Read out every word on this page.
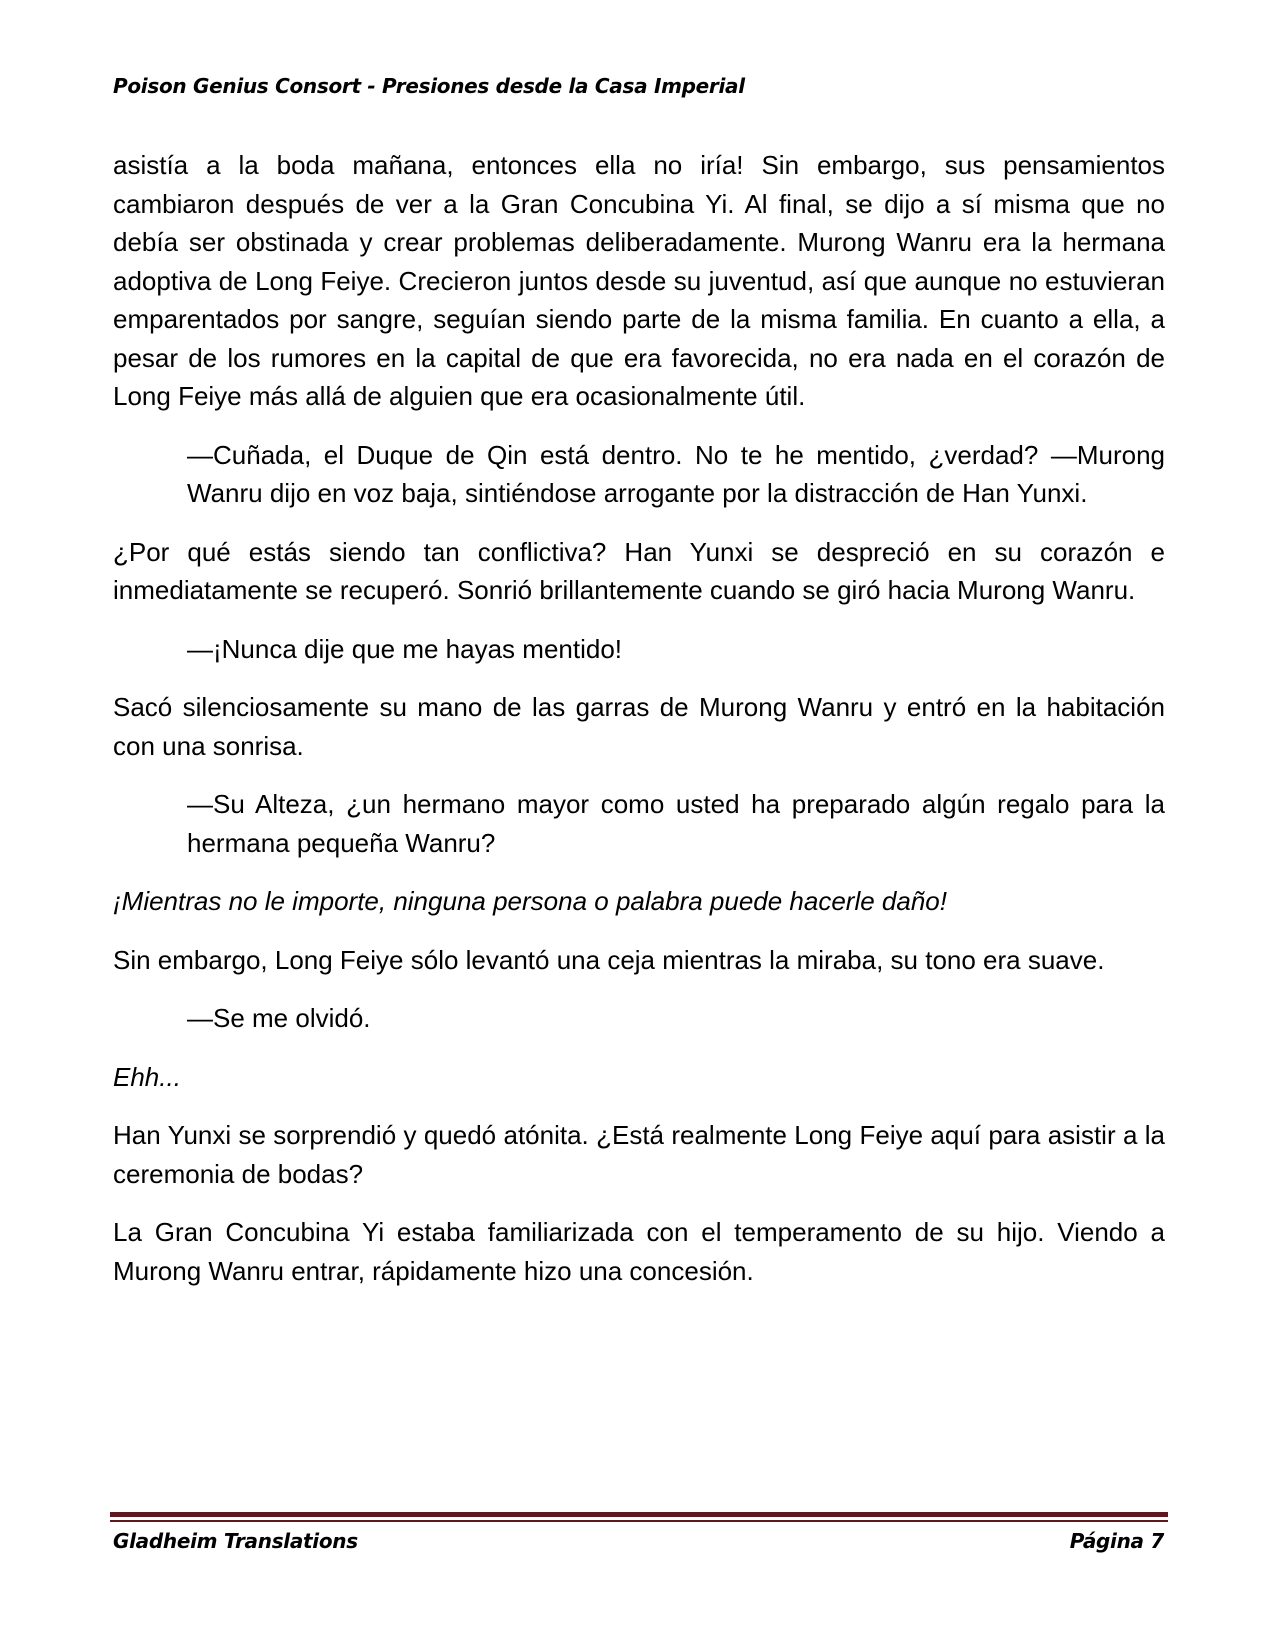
Poison Genius Consort - Presiones desde la Casa Imperial

asistía a la boda mañana, entonces ella no iría! Sin embargo, sus pensamientos cambiaron después de ver a la Gran Concubina Yi. Al final, se dijo a sí misma que no debía ser obstinada y crear problemas deliberadamente. Murong Wanru era la hermana adoptiva de Long Feiye. Crecieron juntos desde su juventud, así que aunque no estuvieran emparentados por sangre, seguían siendo parte de la misma familia. En cuanto a ella, a pesar de los rumores en la capital de que era favorecida, no era nada en el corazón de Long Feiye más allá de alguien que era ocasionalmente útil.

—Cuñada, el Duque de Qin está dentro. No te he mentido, ¿verdad? —Murong Wanru dijo en voz baja, sintiéndose arrogante por la distracción de Han Yunxi.

¿Por qué estás siendo tan conflictiva? Han Yunxi se despreció en su corazón e inmediatamente se recuperó. Sonrió brillantemente cuando se giró hacia Murong Wanru.

—¡Nunca dije que me hayas mentido!

Sacó silenciosamente su mano de las garras de Murong Wanru y entró en la habitación con una sonrisa.

—Su Alteza, ¿un hermano mayor como usted ha preparado algún regalo para la hermana pequeña Wanru?

¡Mientras no le importe, ninguna persona o palabra puede hacerle daño!

Sin embargo, Long Feiye sólo levantó una ceja mientras la miraba, su tono era suave.

—Se me olvidó.

Ehh...

Han Yunxi se sorprendió y quedó atónita. ¿Está realmente Long Feiye aquí para asistir a la ceremonia de bodas?

La Gran Concubina Yi estaba familiarizada con el temperamento de su hijo. Viendo a Murong Wanru entrar, rápidamente hizo una concesión.

Gladheim Translations	Página 7
